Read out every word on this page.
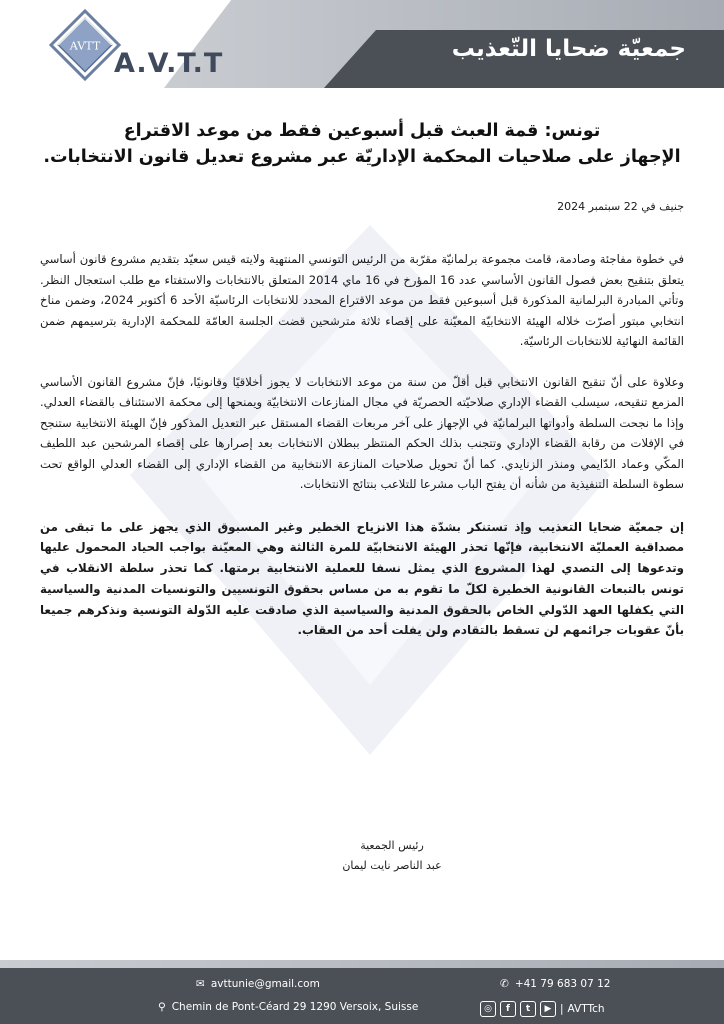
جمعيّة ضحايا التّعذيب
AVTT
A.V.T.T
تونس: قمة العبث قبل أسبوعين فقط من موعد الاقتراع
الإجهاز على صلاحيات المحكمة الإداريّة عبر مشروع تعديل قانون الانتخابات.
جنيف في 22 سبتمبر 2024

في خطوة مفاجئة وصادمة، قامت مجموعة برلمانيّة مقرّبة من الرئيس التونسي المنتهية ولايته قيس سعيّد بتقديم مشروع قانون أساسي يتعلق بتنقيح بعض فصول القانون الأساسي عدد 16 المؤرخ في 16 ماي 2014 المتعلق بالانتخابات والاستفتاء مع طلب استعجال النظر. وتأتي المبادرة البرلمانية المذكورة قبل أسبوعين فقط من موعد الاقتراع المحدد للانتخابات الرئاسيّة الأحد 6 أكتوبر 2024، وضمن مناخ انتخابي مبتور أصرّت خلاله الهيئة الانتخابيّة المعيّنة على إقصاء ثلاثة مترشحين قضت الجلسة العامّة للمحكمة الإدارية بترسيمهم ضمن القائمة النهائية للانتخابات الرئاسيّة.

وعلاوة على أنّ تنقيح القانون الانتخابي قبل أقلّ من سنة من موعد الانتخابات لا يجوز أخلاقيًا وقانونيًا، فإنّ مشروع القانون الأساسي المزمع تنقيحه، سيسلب القضاء الإداري صلاحيّته الحصريّة في مجال المنازعات الانتخابيّة ويمنحها إلى محكمة الاستئناف بالقضاء العدلي. وإذا ما نجحت السلطة وأدواتها البرلمانيّة في الإجهاز على آخر مربعات القضاء المستقل عبر التعديل المذكور فإنّ الهيئة الانتخابية ستنجح في الإفلات من رقابة القضاء الإداري وتتجنب بذلك الحكم المنتظر ببطلان الانتخابات بعد إصرارها على إقصاء المرشحين عبد اللطيف المكّي وعماد الدّايمي ومنذر الزنايدي. كما أنّ تحويل صلاحيات المنازعة الانتخابية من القضاء الإداري إلى القضاء العدلي الواقع تحت سطوة السلطة التنفيذية من شأنه أن يفتح الباب مشرعا للتلاعب بنتائج الانتخابات.

إن جمعيّة ضحايا التعذيب وإذ تستنكر بشدّة هذا الانزياح الخطير وغير المسبوق الذي يجهز على ما تبقى من مصداقية العمليّة الانتخابية، فإنّها تحذر الهيئة الانتخابيّة للمرة الثالثة وهي المعيّنة بواجب الحياد المحمول عليها وتدعوها إلى التصدي لهذا المشروع الذي يمثل نسفا للعملية الانتخابية برمتها. كما تحذر سلطة الانقلاب في تونس بالتبعات القانونية الخطيرة لكلّ ما تقوم به من مساس بحقوق التونسيين والتونسيات المدنية والسياسية التي يكفلها العهد الدّولي الخاص بالحقوق المدنية والسياسية الذي صادقت عليه الدّولة التونسية ونذكرهم جميعا بأنّ عقوبات جرائمهم لن تسقط بالتقادم ولن يفلت أحد من العقاب.

رئيس الجمعية
عبد الناصر نايت ليمان
✉ avttunie@gmail.com	✆ +41 79 683 07 12
⚲ Chemin de Pont-Céard 29 1290 Versoix, Suisse	◎	f	t	▶ | AVTTch
